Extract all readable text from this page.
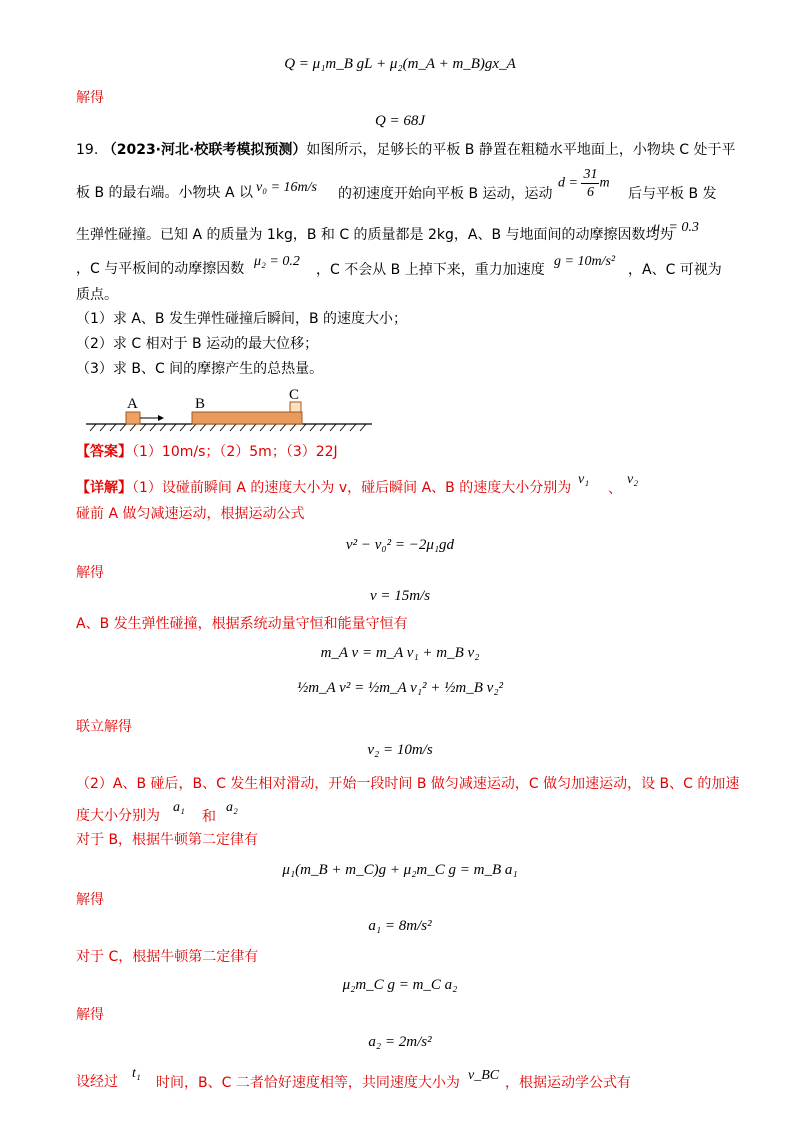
Q = μ₁m_B gL + μ₂(m_A + m_B)gx_A
解得
Q = 68J
19. （2023·河北·校联考模拟预测）如图所示，足够长的平板 B 静置在粗糙水平地面上，小物块 C 处于平
板 B 的最右端。小物块 A 以 v₀ = 16m/s 的初速度开始向平板 B 运动，运动
$d = \frac{31}{6}$ m
后与平板 B 发
生弹性碰撞。已知 A 的质量为 1kg，B 和 C 的质量都是 2kg，A、B 与地面间的动摩擦因数均为
μ₁ = 0.3
，C 与平板间的动摩擦因数 μ₂ = 0.2
，C 不会从 B 上掉下来，重力加速度
g = 10m/s²
，A、C 可视为
质点。
（1）求 A、B 发生弹性碰撞后瞬间，B 的速度大小；
（2）求 C 相对于 B 运动的最大位移；
（3）求 B、C 间的摩擦产生的总热量。
A	B
C
【答案】（1）10m/s；（2）5m；（3）22J
【详解】（1）设碰前瞬间 A 的速度大小为 v，碰后瞬间 A、B 的速度大小分别为
v₁
、
v₂
碰前 A 做匀减速运动，根据运动公式
v² − v₀² = −2μ₁gd
解得
v = 15m/s
A、B 发生弹性碰撞，根据系统动量守恒和能量守恒有
m_A v = m_A v₁ + m_B v₂
½m_A v² = ½m_A v₁² + ½m_B v₂²
联立解得
v₂ = 10m/s
（2）A、B 碰后，B、C 发生相对滑动，开始一段时间 B 做匀减速运动，C 做匀加速运动，设 B、C 的加速
度大小分别为
a₁
和
a₂
对于 B，根据牛顿第二定律有
μ₁(m_B + m_C)g + μ₂m_C g = m_B a₁
解得
a₁ = 8m/s²
对于 C，根据牛顿第二定律有
μ₂m_C g = m_C a₂
解得
a₂ = 2m/s²
设经过
t₁
时间，B、C 二者恰好速度相等，共同速度大小为 v_BC ，根据运动学公式有
